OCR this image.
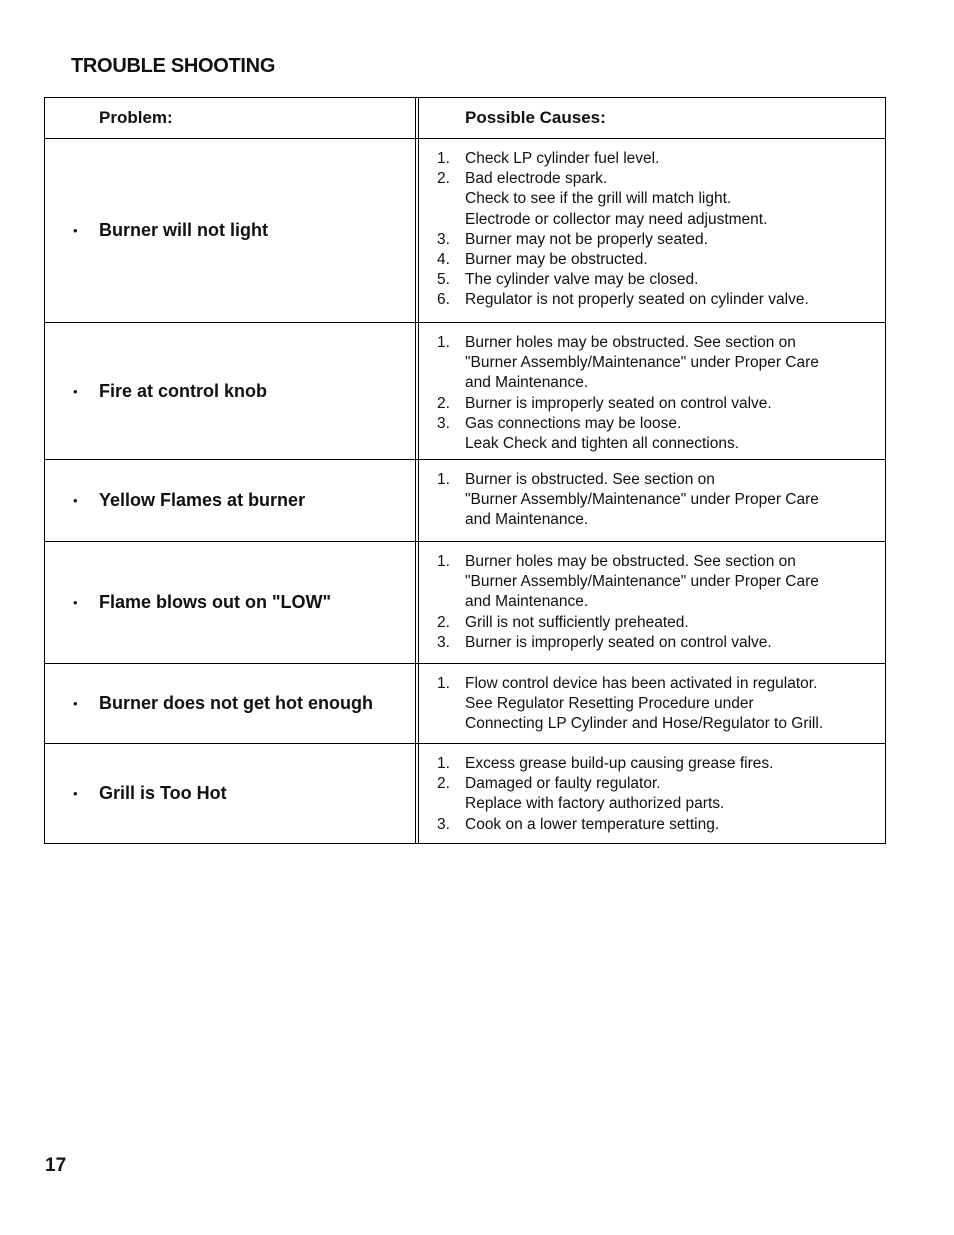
TROUBLE SHOOTING
Problem:	Possible Causes:
•	Burner will not light
1. Check LP cylinder fuel level.
2. Bad electrode spark.
Check to see if the grill will match light.
Electrode or collector may need adjustment.
3. Burner may not be properly seated.
4. Burner may be obstructed.
5. The cylinder valve may be closed.
6. Regulator is not properly seated on cylinder valve.
•	Fire at control knob
1. Burner holes may be obstructed. See section on
"Burner Assembly/Maintenance" under Proper Care
and Maintenance.
2. Burner is improperly seated on control valve.
3. Gas connections may be loose.
Leak Check and tighten all connections.
•	Yellow Flames at burner
1. Burner is obstructed. See section on
"Burner Assembly/Maintenance" under Proper Care
and Maintenance.
•	Flame blows out on "LOW"
1. Burner holes may be obstructed. See section on
"Burner Assembly/Maintenance" under Proper Care
and Maintenance.
2. Grill is not sufficiently preheated.
3. Burner is improperly seated on control valve.
•	Burner does not get hot enough
1. Flow control device has been activated in regulator.
See Regulator Resetting Procedure under
Connecting LP Cylinder and Hose/Regulator to Grill.
•	Grill is Too Hot
1. Excess grease build-up causing grease fires.
2. Damaged or faulty regulator.
Replace with factory authorized parts.
3. Cook on a lower temperature setting.
17
